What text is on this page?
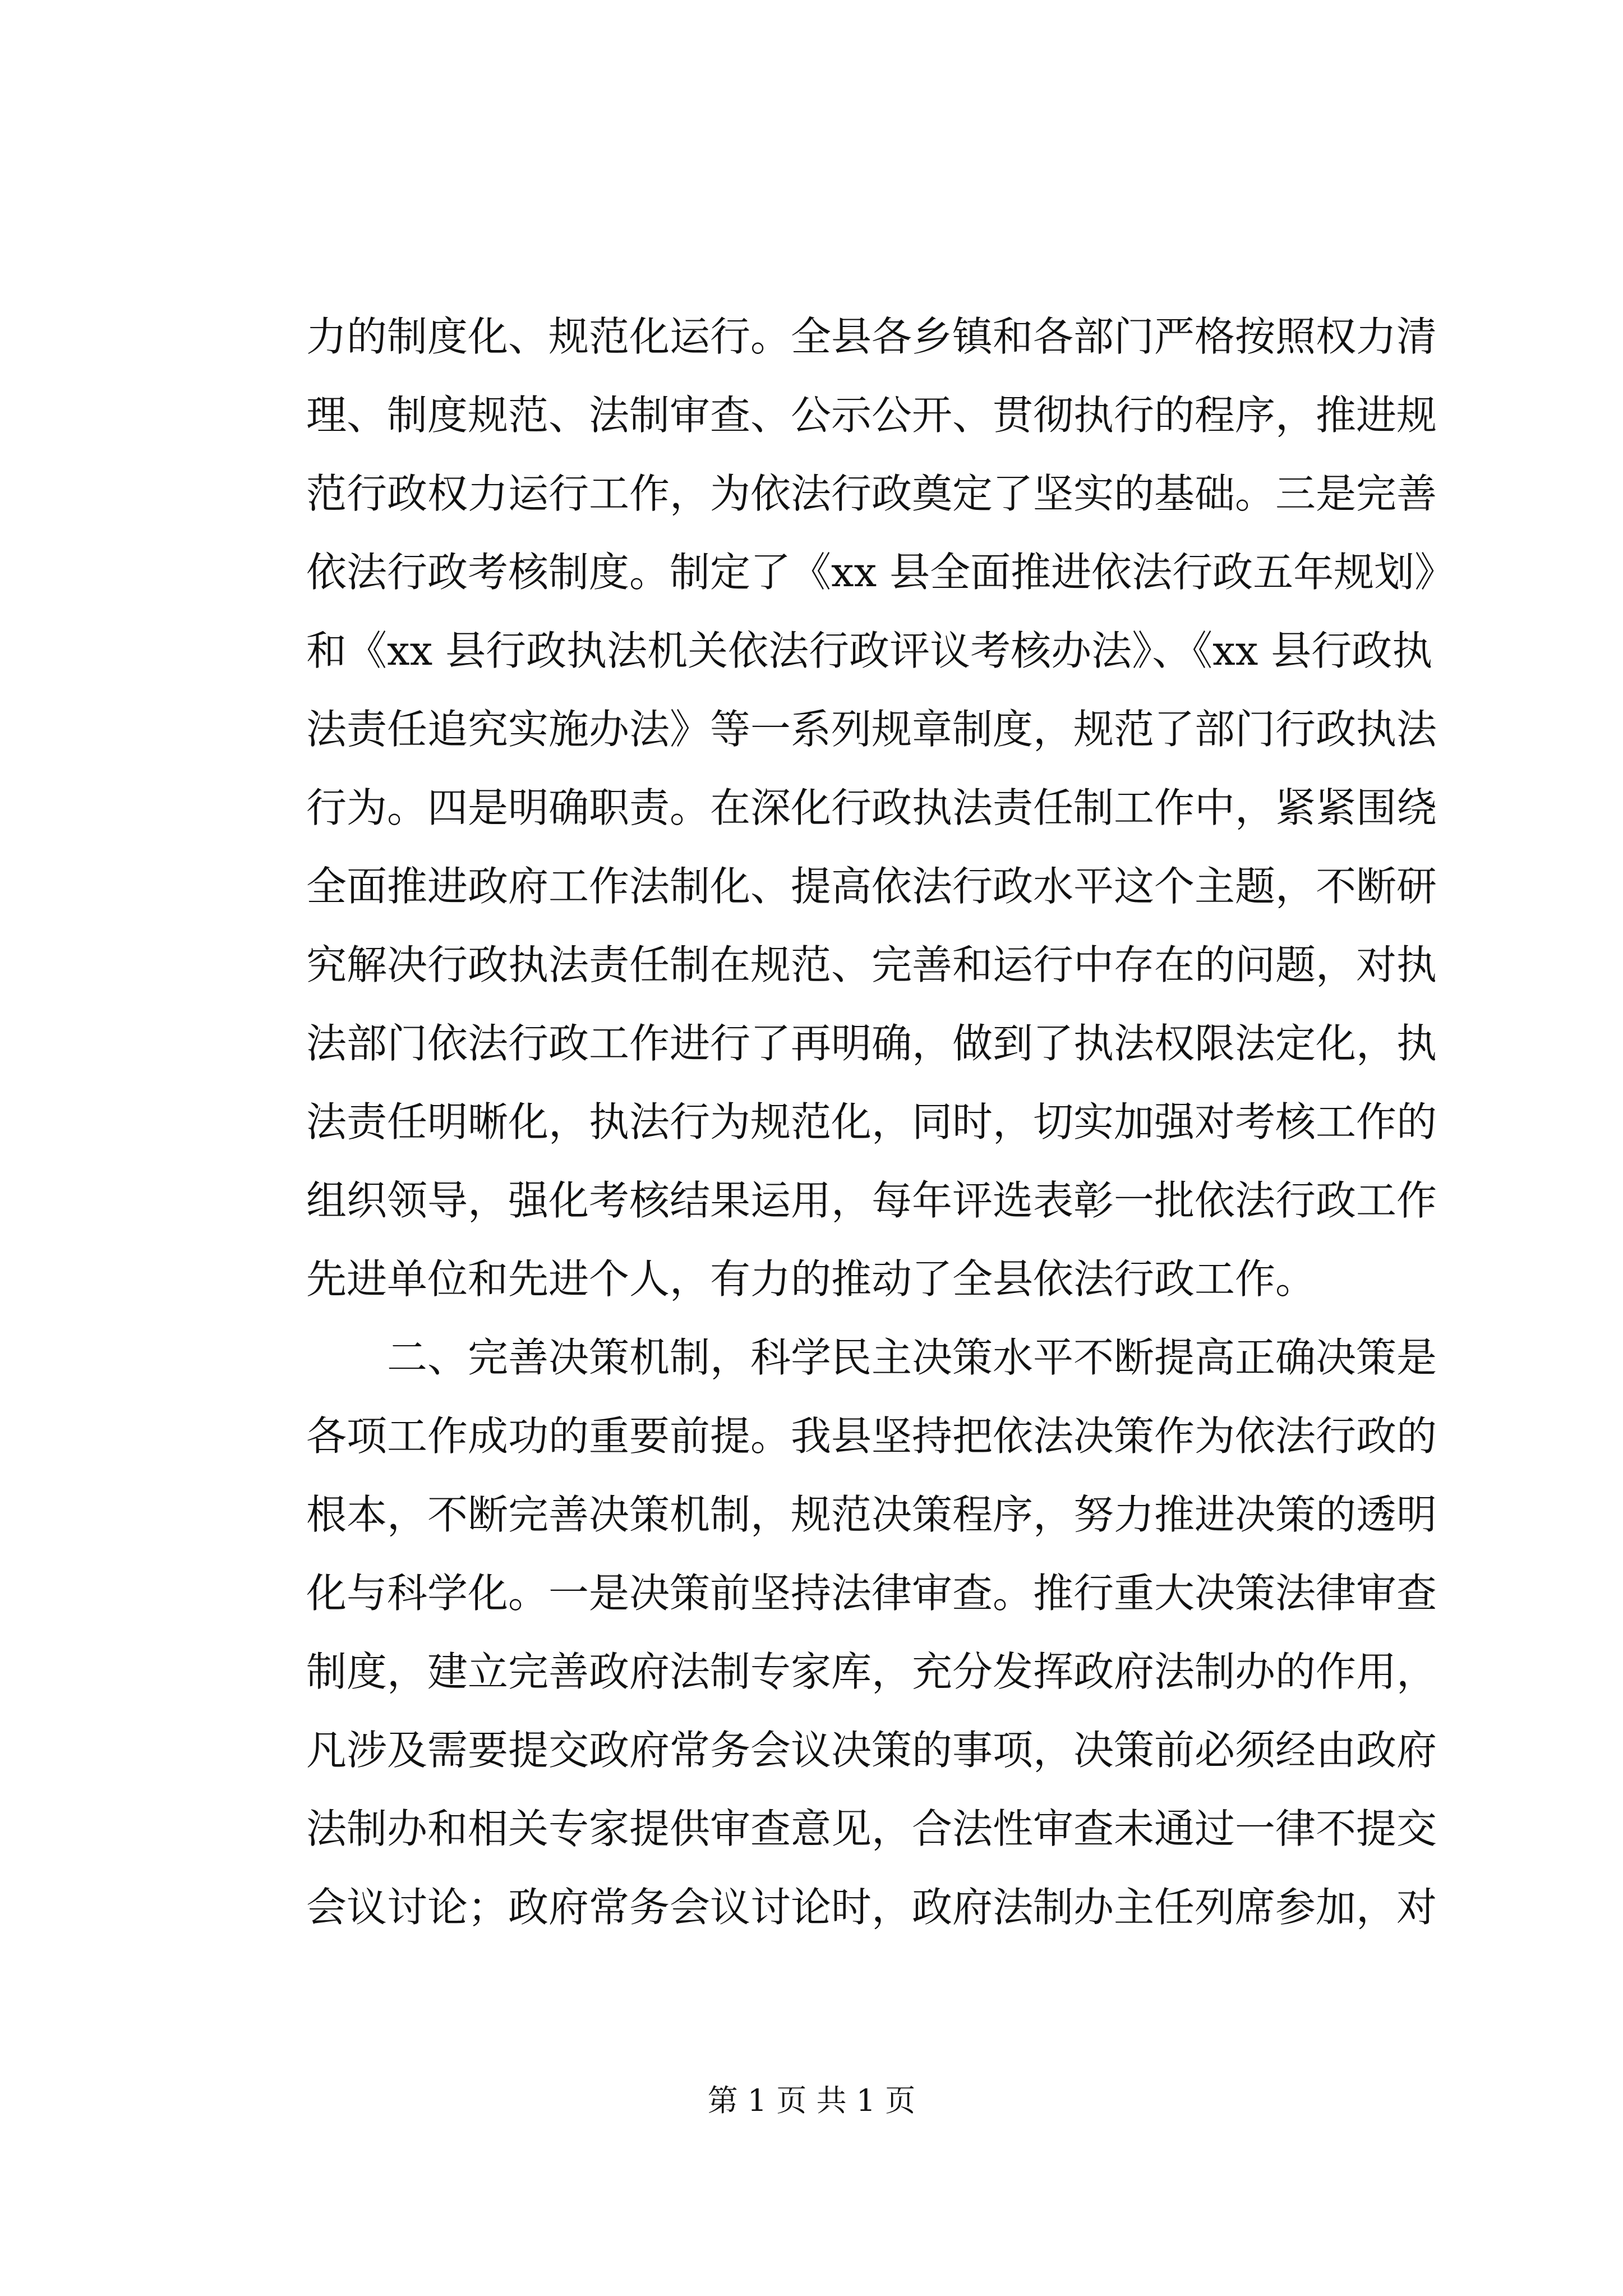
力的制度化、规范化运行。全县各乡镇和各部门严格按照权力清
理、制度规范、法制审查、公示公开、贯彻执行的程序，推进规
范行政权力运行工作，为依法行政奠定了坚实的基础。三是完善
依法行政考核制度。制定了《xx 县全面推进依法行政五年规划》
和《xx 县行政执法机关依法行政评议考核办法》、《xx 县行政执
法责任追究实施办法》等一系列规章制度，规范了部门行政执法
行为。四是明确职责。在深化行政执法责任制工作中，紧紧围绕
全面推进政府工作法制化、提高依法行政水平这个主题，不断研
究解决行政执法责任制在规范、完善和运行中存在的问题，对执
法部门依法行政工作进行了再明确，做到了执法权限法定化，执
法责任明晰化，执法行为规范化，同时，切实加强对考核工作的
组织领导，强化考核结果运用，每年评选表彰一批依法行政工作
先进单位和先进个人，有力的推动了全县依法行政工作。
　　二、完善决策机制，科学民主决策水平不断提高正确决策是
各项工作成功的重要前提。我县坚持把依法决策作为依法行政的
根本，不断完善决策机制，规范决策程序，努力推进决策的透明
化与科学化。一是决策前坚持法律审查。推行重大决策法律审查
制度，建立完善政府法制专家库，充分发挥政府法制办的作用，
凡涉及需要提交政府常务会议决策的事项，决策前必须经由政府
法制办和相关专家提供审查意见，合法性审查未通过一律不提交
会议讨论；政府常务会议讨论时，政府法制办主任列席参加，对
第 1 页 共 1 页
